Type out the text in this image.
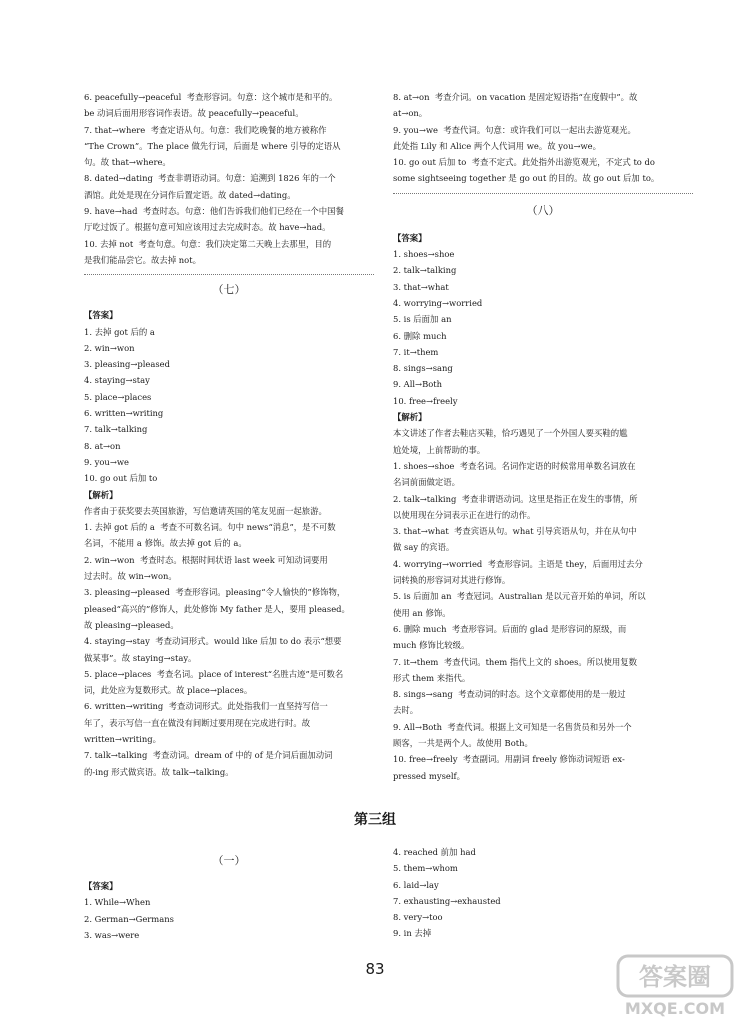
6. peacefully→peaceful  考查形容词。句意：这个城市是和平的。

be 动词后面用形容词作表语。故 peacefully→peaceful。

7. that→where  考查定语从句。句意：我们吃晚餐的地方被称作

“The Crown”。The place 做先行词，后面是 where 引导的定语从

句。故 that→where。

8. dated→dating  考查非谓语动词。句意：追溯到 1826 年的一个

酒馆。此处是现在分词作后置定语。故 dated→dating。

9. have→had  考查时态。句意：他们告诉我们他们已经在一个中国餐

厅吃过饭了。根据句意可知应该用过去完成时态。故 have→had。

10. 去掉 not  考查句意。句意：我们决定第二天晚上去那里，目的

是我们能品尝它。故去掉 not。

（七）

【答案】

1. 去掉 got 后的 a

2. win→won

3. pleasing→pleased

4. staying→stay

5. place→places

6. written→writing

7. talk→talking

8. at→on

9. you→we

10. go out 后加 to

【解析】

作者由于获奖要去英国旅游，写信邀请英国的笔友见面一起旅游。

1. 去掉 got 后的 a  考查不可数名词。句中 news“消息”，是不可数

名词，不能用 a 修饰。故去掉 got 后的 a。

2. win→won  考查时态。根据时间状语 last week 可知动词要用

过去时。故 win→won。

3. pleasing→pleased  考查形容词。pleasing“令人愉快的”修饰物，

pleased“高兴的”修饰人，此处修饰 My father 是人，要用 pleased。

故 pleasing→pleased。

4. staying→stay  考查动词形式。would like 后加 to do 表示“想要

做某事”。故 staying→stay。

5. place→places  考查名词。place of interest“名胜古迹”是可数名

词，此处应为复数形式。故 place→places。

6. written→writing  考查动词形式。此处指我们一直坚持写信一

年了，表示写信一直在做没有间断过要用现在完成进行时。故

written→writing。

7. talk→talking  考查动词。dream of 中的 of 是介词后面加动词

的-ing 形式做宾语。故 talk→talking。

8. at→on  考查介词。on vacation 是固定短语指“在度假中”。故

at→on。

9. you→we  考查代词。句意：或许我们可以一起出去游览观光。

此处指 Lily 和 Alice 两个人代词用 we。故 you→we。

10. go out 后加 to  考查不定式。此处指外出游览观光，不定式 to do

some sightseeing together 是 go out 的目的。故 go out 后加 to。

（八）

【答案】

1. shoes→shoe

2. talk→talking

3. that→what

4. worrying→worried

5. is 后面加 an

6. 删除 much

7. it→them

8. sings→sang

9. All→Both

10. free→freely

【解析】

本文讲述了作者去鞋店买鞋，恰巧遇见了一个外国人要买鞋的尴

尬处境，上前帮助的事。

1. shoes→shoe  考查名词。名词作定语的时候常用单数名词放在

名词前面做定语。

2. talk→talking  考查非谓语动词。这里是指正在发生的事情，所

以使用现在分词表示正在进行的动作。

3. that→what  考查宾语从句。what 引导宾语从句，并在从句中

做 say 的宾语。

4. worrying→worried  考查形容词。主语是 they，后面用过去分

词转换的形容词对其进行修饰。

5. is 后面加 an  考查冠词。Australian 是以元音开始的单词，所以

使用 an 修饰。

6. 删除 much  考查形容词。后面的 glad 是形容词的原级，而

much 修饰比较级。

7. it→them  考查代词。them 指代上文的 shoes。所以使用复数

形式 them 来指代。

8. sings→sang  考查动词的时态。这个文章都使用的是一般过

去时。

9. All→Both  考查代词。根据上文可知是一名售货员和另外一个

顾客，一共是两个人。故使用 Both。

10. free→freely  考查副词。用副词 freely 修饰动词短语 ex-

pressed myself。

第三组
（一）

【答案】

1. While→When

2. German→Germans

3. was→were

4. reached 前加 had

5. them→whom

6. laid→lay

7. exhausting→exhausted

8. very→too

9. in 去掉

83	答案圈
MXQE.COM
